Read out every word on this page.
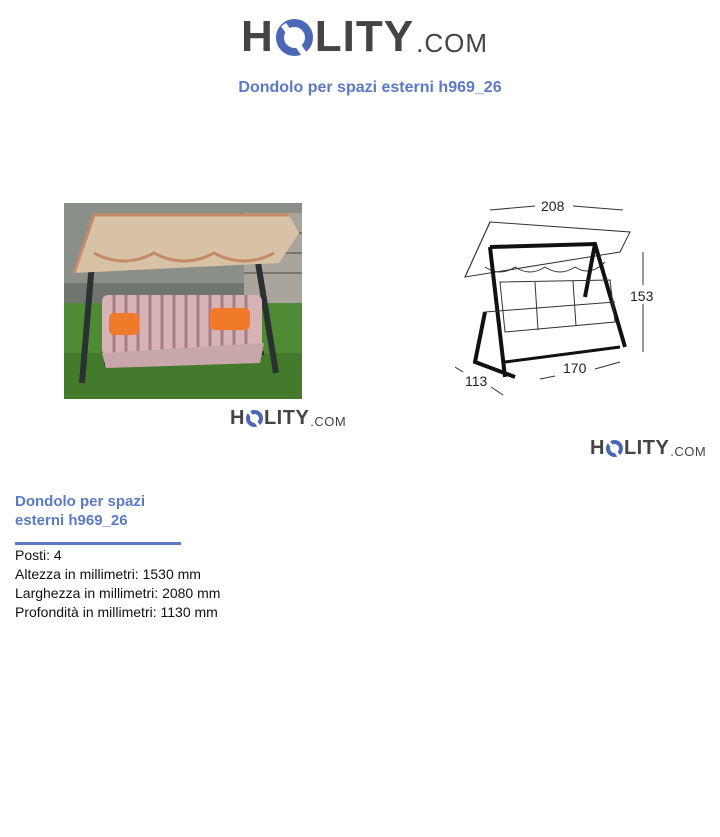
H LITY .COM
Dondolo per spazi esterni h969_26
H LITY .COM
208
153
170
113
H LITY .COM
Dondolo per spazi
esterni h969_26
Posti: 4
Altezza in millimetri: 1530 mm
Larghezza in millimetri: 2080 mm
Profondità in millimetri: 1130 mm
